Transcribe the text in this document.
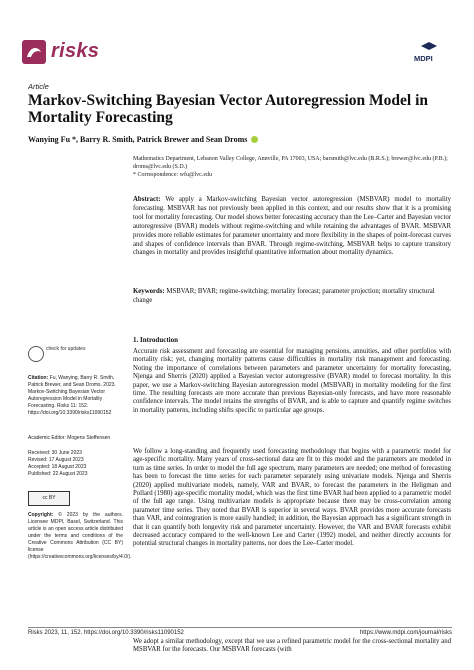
risks	MDPI
Article
Markov-Switching Bayesian Vector Autoregression Model in Mortality Forecasting
Wanying Fu *, Barry R. Smith, Patrick Brewer and Sean Droms
Mathematics Department, Lebanon Valley College, Annville, PA 17003, USA; barsmith@lvc.edu (B.R.S.); brewer@lvc.edu (P.B.); droms@lvc.edu (S.D.)
* Correspondence: wfu@lvc.edu
Abstract: We apply a Markov-switching Bayesian vector autoregression (MSBVAR) model to mortality forecasting. MSBVAR has not previously been applied in this context, and our results show that it is a promising tool for mortality forecasting. Our model shows better forecasting accuracy than the Lee–Carter and Bayesian vector autoregressive (BVAR) models without regime-switching and while retaining the advantages of BVAR. MSBVAR provides more reliable estimates for parameter uncertainty and more flexibility in the shapes of point-forecast curves and shapes of confidence intervals than BVAR. Through regime-switching, MSBVAR helps to capture transitory changes in mortality and provides insightful quantitative information about mortality dynamics.
Keywords: MSBVAR; BVAR; regime-switching; mortality forecast; parameter projection; mortality structural change
check for updates
Citation: Fu, Wanying, Barry R. Smith, Patrick Brewer, and Sean Droms. 2023. Markov-Switching Bayesian Vector Autoregression Model in Mortality Forecasting. Risks 11: 152. https://doi.org/10.3390/risks11090152
Academic Editor: Mogens Steffensen
Received: 30 June 2023
Revised: 17 August 2023
Accepted: 18 August 2023
Published: 22 August 2023
cc BY
Copyright: © 2023 by the authors. Licensee MDPI, Basel, Switzerland. This article is an open access article distributed under the terms and conditions of the Creative Commons Attribution (CC BY) license (https://creativecommons.org/licenses/by/4.0/).
1. Introduction
Accurate risk assessment and forecasting are essential for managing pensions, annuities, and other portfolios with mortality risk; yet, changing mortality patterns cause difficulties in mortality risk management and forecasting. Noting the importance of correlations between parameters and parameter uncertainty for mortality forecasting, Njenga and Sherris (2020) applied a Bayesian vector autoregressive (BVAR) model to forecast mortality. In this paper, we use a Markov-switching Bayesian autoregression model (MSBVAR) in mortality modeling for the first time. The resulting forecasts are more accurate than previous Bayesian-only forecasts, and have more reasonable confidence intervals. The model retains the strengths of BVAR, and is able to capture and quantify regime switches in mortality patterns, including shifts specific to particular age groups.
We follow a long-standing and frequently used forecasting methodology that begins with a parametric model for age-specific mortality. Many years of cross-sectional data are fit to this model and the parameters are modeled in turn as time series. In order to model the full age spectrum, many parameters are needed; one method of forecasting has been to forecast the time series for each parameter separately using univariate models. Njenga and Sherris (2020) applied multivariate models, namely, VAR and BVAR, to forecast the parameters in the Heligman and Pollard (1980) age-specific mortality model, which was the first time BVAR had been applied to a parametric model of the full age range. Using multivariate models is appropriate because there may be cross-correlation among parameter time series. They noted that BVAR is superior in several ways. BVAR provides more accurate forecasts than VAR, and cointegration is more easily handled; in addition, the Bayesian approach has a significant strength in that it can quantify both longevity risk and parameter uncertainty. However, the VAR and BVAR forecasts exhibit decreased accuracy compared to the well-known Lee and Carter (1992) model, and neither directly accounts for potential structural changes in mortality patterns, nor does the Lee–Carter model.
We adopt a similar methodology, except that we use a refined parametric model for the cross-sectional mortality and MSBVAR for the forecasts. Our MSBVAR forecasts (with
Risks 2023, 11, 152. https://doi.org/10.3390/risks11090152	https://www.mdpi.com/journal/risks
